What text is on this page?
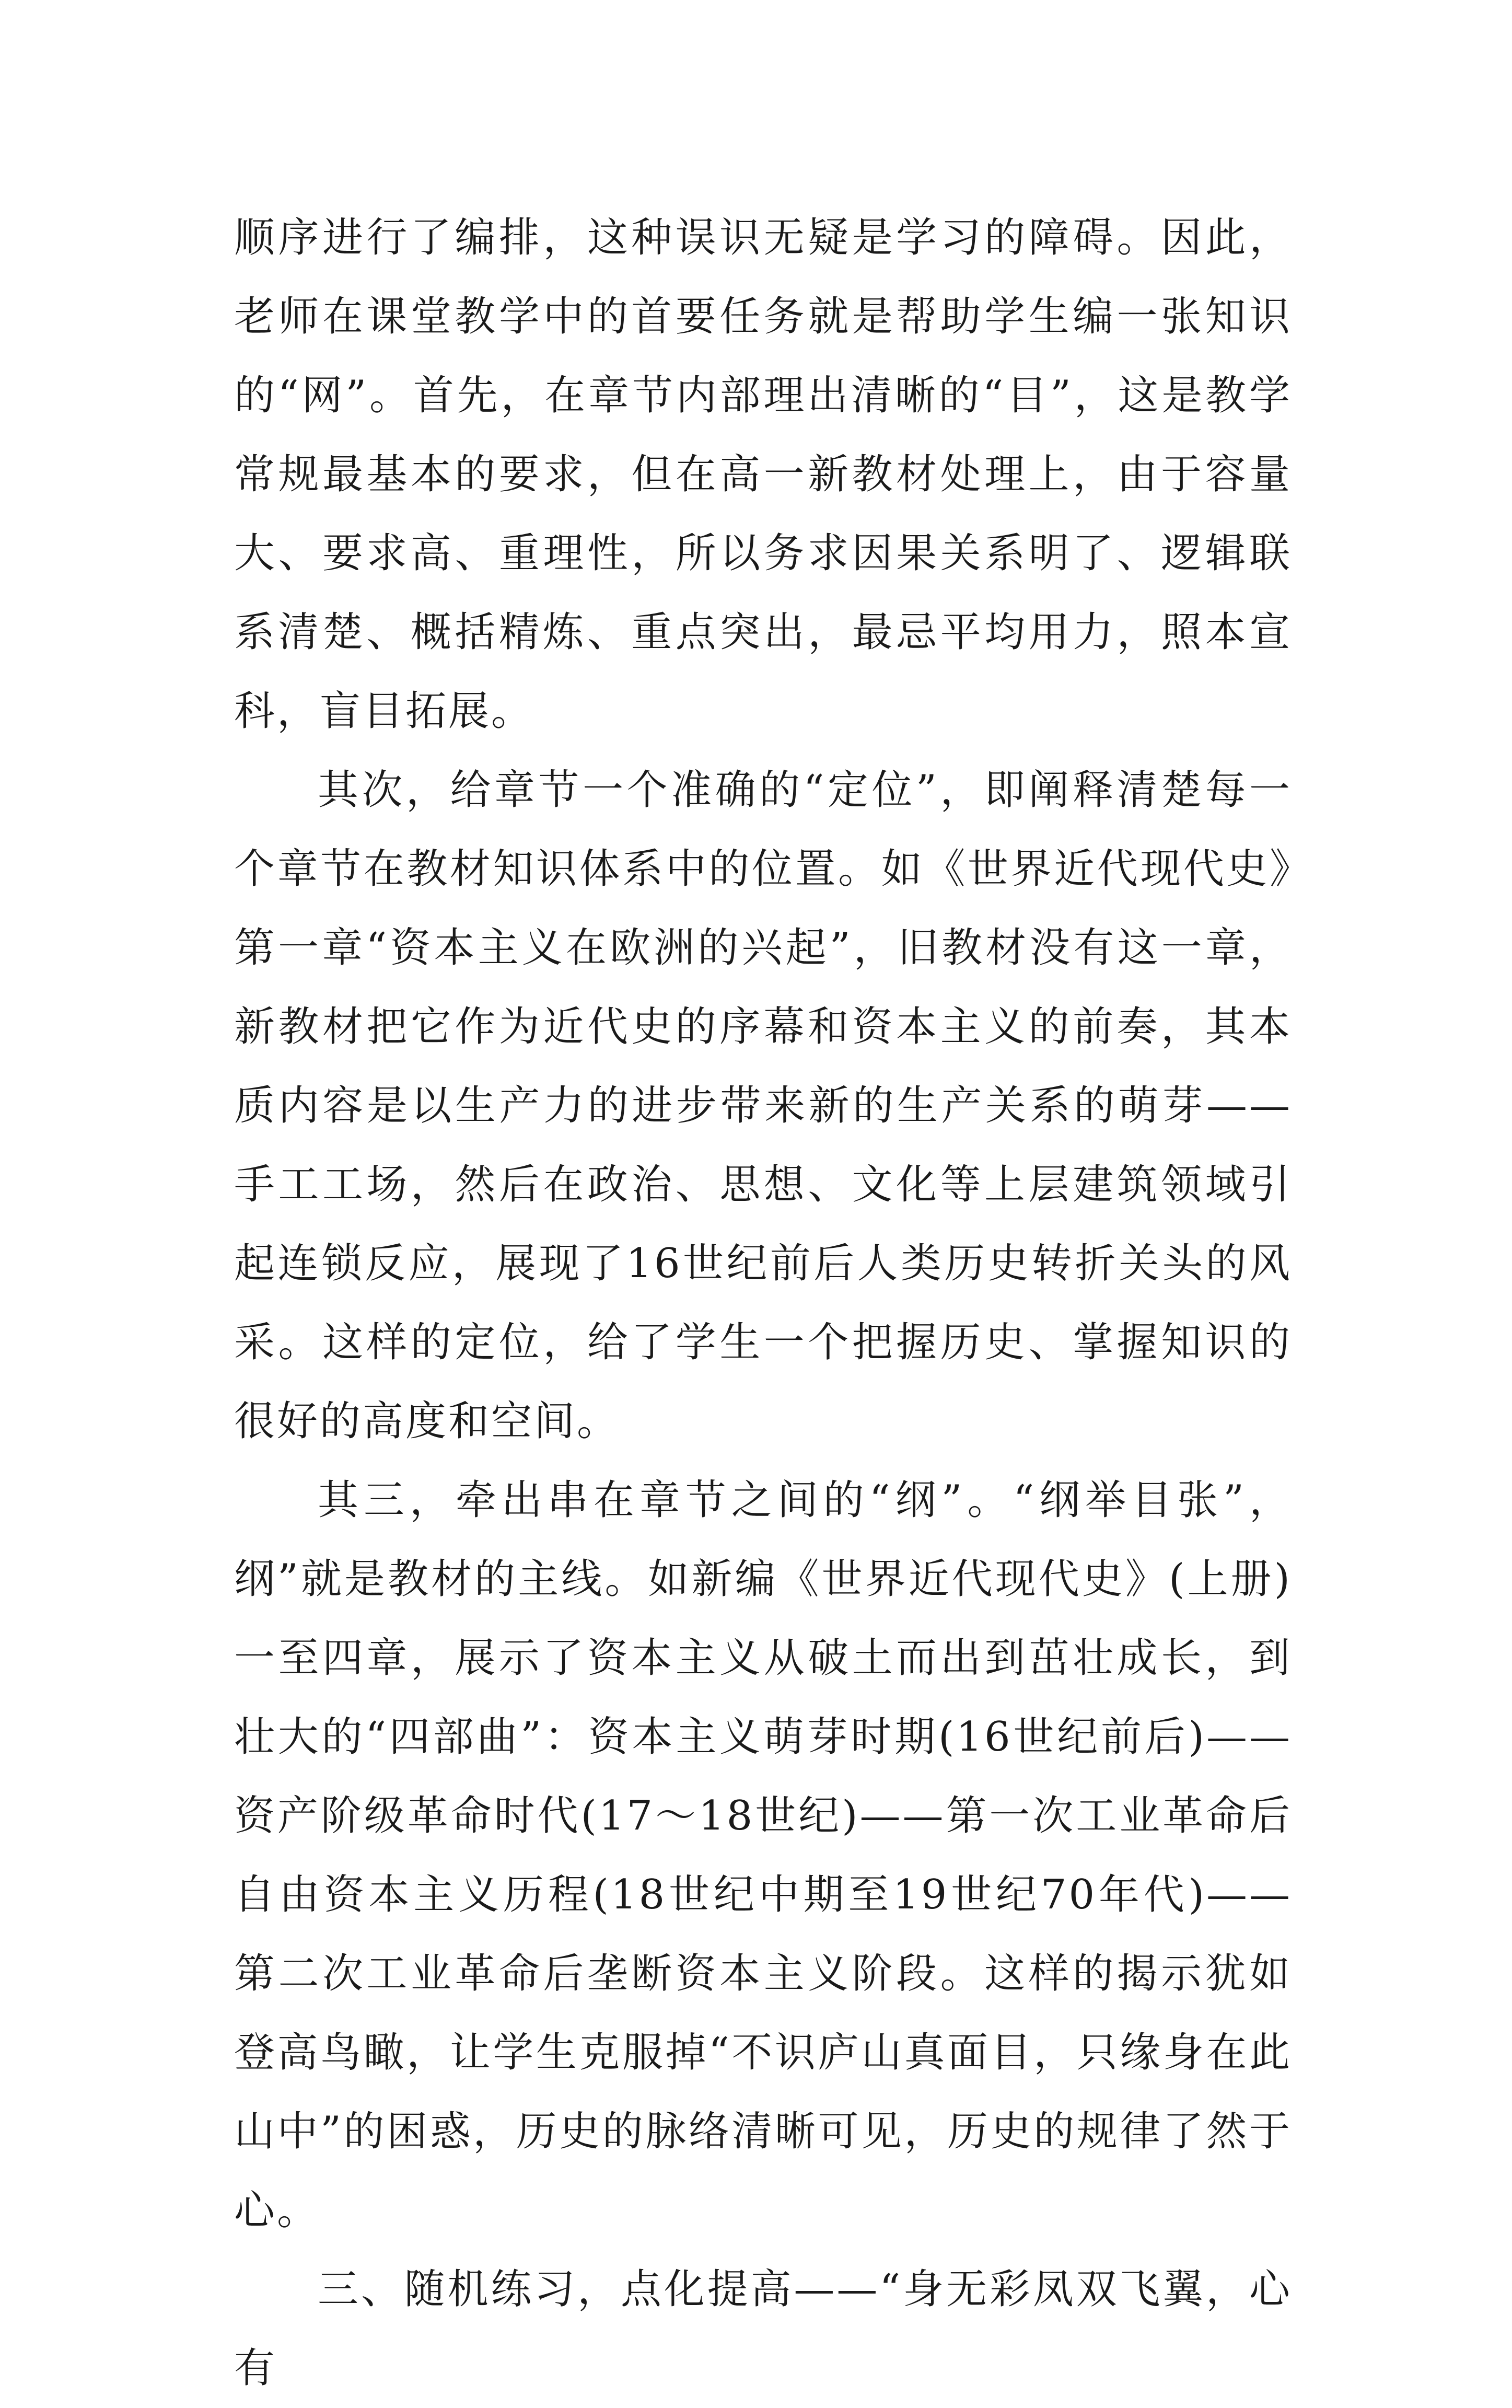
顺序进行了编排，这种误识无疑是学习的障碍。因此，老师在课堂教学中的首要任务就是帮助学生编一张知识的“网”。首先，在章节内部理出清晰的“目”，这是教学常规最基本的要求，但在高一新教材处理上，由于容量大、要求高、重理性，所以务求因果关系明了、逻辑联系清楚、概括精炼、重点突出，最忌平均用力，照本宣科，盲目拓展。

其次，给章节一个准确的“定位”，即阐释清楚每一个章节在教材知识体系中的位置。如《世界近代现代史》第一章“资本主义在欧洲的兴起”，旧教材没有这一章，新教材把它作为近代史的序幕和资本主义的前奏，其本质内容是以生产力的进步带来新的生产关系的萌芽——手工工场，然后在政治、思想、文化等上层建筑领域引起连锁反应，展现了16世纪前后人类历史转折关头的风采。这样的定位，给了学生一个把握历史、掌握知识的很好的高度和空间。

其三，牵出串在章节之间的“纲”。“纲举目张”，纲”就是教材的主线。如新编《世界近代现代史》(上册)一至四章，展示了资本主义从破土而出到茁壮成长，到壮大的“四部曲”：资本主义萌芽时期(16世纪前后)——资产阶级革命时代(17～18世纪)——第一次工业革命后自由资本主义历程(18世纪中期至19世纪70年代)——第二次工业革命后垄断资本主义阶段。这样的揭示犹如登高鸟瞰，让学生克服掉“不识庐山真面目，只缘身在此山中”的困惑，历史的脉络清晰可见，历史的规律了然于心。

三、随机练习，点化提高——“身无彩凤双飞翼，心有
